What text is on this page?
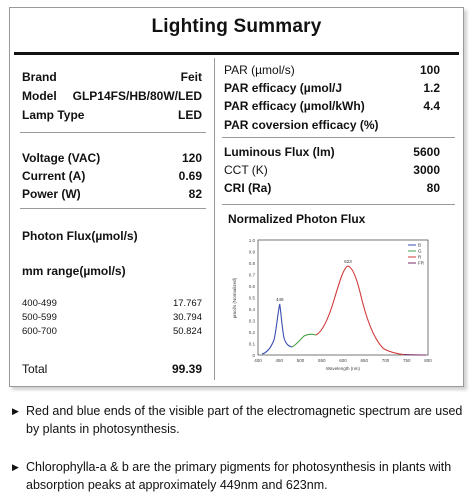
Lighting Summary
Brand	Feit
Model GLP14FS/HB/80W/LED
Lamp Type	LED
Voltage (VAC)	120
Current (A)	0.69
Power (W)	82
Photon Flux(µmol/s)
mm range(µmol/s)
400-499	17.767
500-599	30.794
600-700	50.824
Total	99.39
PAR (µmol/s)	100
PAR efficacy (µmol/J	1.2
PAR efficacy (µmol/kWh)	4.4
PAR coversion efficacy (%)
Luminous Flux (lm)	5600
CCT (K)	3000
CRI (Ra)	80
Normalized Photon Flux
1.0
0.9
0.8
0.7
0.6
0.5
0.4
0.3
0.2
0.1
0
400	450	500	550	600	650	700	750	800
Wavelength (nm)
µmol/s (Normalized)	449
623
B
G
R
FR
▶ Red and blue ends of the visible part of the electromagnetic spectrum are used by plants in photosynthesis.
▶ Chlorophylla-a & b are the primary pigments for photosynthesis in plants with absorption peaks at approximately 449nm and 623nm.
